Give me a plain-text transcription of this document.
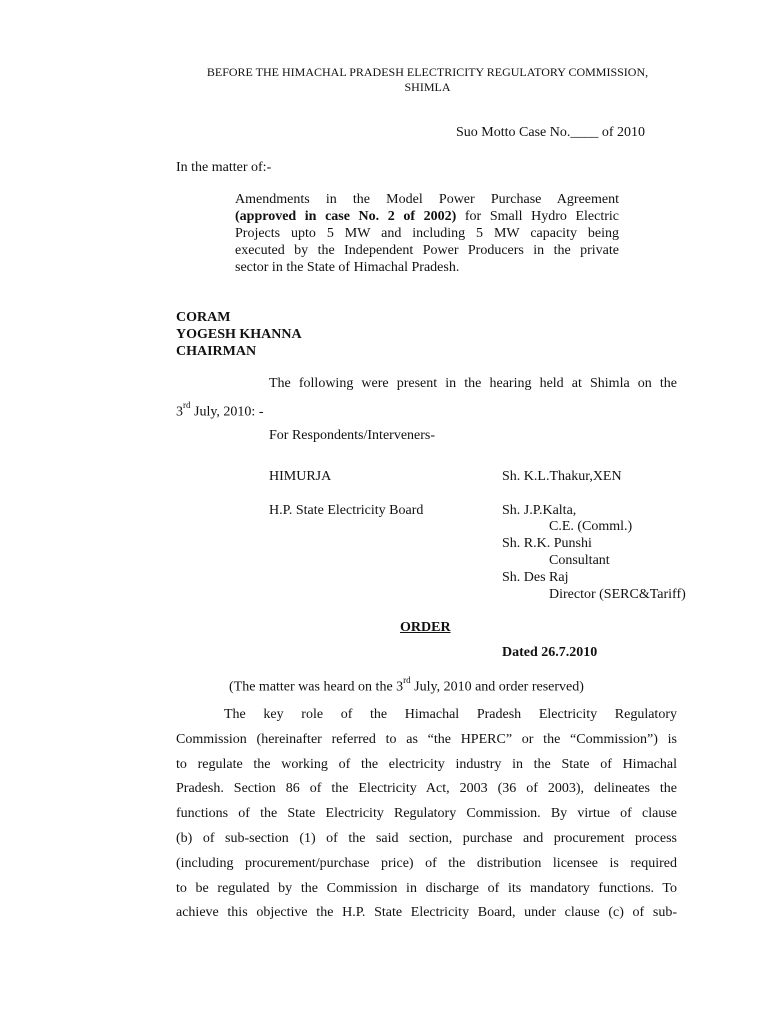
BEFORE THE HIMACHAL PRADESH ELECTRICITY REGULATORY COMMISSION,
SHIMLA
Suo Motto Case No.____ of 2010
In the matter of:-
Amendments in the Model Power Purchase Agreement
(approved in case No. 2 of 2002) for Small Hydro Electric
Projects upto 5 MW and including 5 MW capacity being
executed by the Independent Power Producers in the private
sector in the State of Himachal Pradesh.
CORAM
YOGESH KHANNA
CHAIRMAN
The following were present in the hearing held at Shimla on the
3rd July, 2010: -
For Respondents/Interveners-
HIMURJA	Sh. K.L.Thakur,XEN
H.P. State Electricity Board	Sh. J.P.Kalta,
C.E. (Comml.)
Sh. R.K. Punshi
Consultant
Sh. Des Raj
Director (SERC&Tariff)
ORDER
Dated 26.7.2010
(The matter was heard on the 3rd July, 2010 and order reserved)
The key role of the Himachal Pradesh Electricity Regulatory
Commission (hereinafter referred to as “the HPERC” or the “Commission”) is
to regulate the working of the electricity industry in the State of Himachal
Pradesh. Section 86 of the Electricity Act, 2003 (36 of 2003), delineates the
functions of the State Electricity Regulatory Commission. By virtue of clause
(b) of sub-section (1) of the said section, purchase and procurement process
(including procurement/purchase price) of the distribution licensee is required
to be regulated by the Commission in discharge of its mandatory functions. To
achieve this objective the H.P. State Electricity Board, under clause (c) of sub-
